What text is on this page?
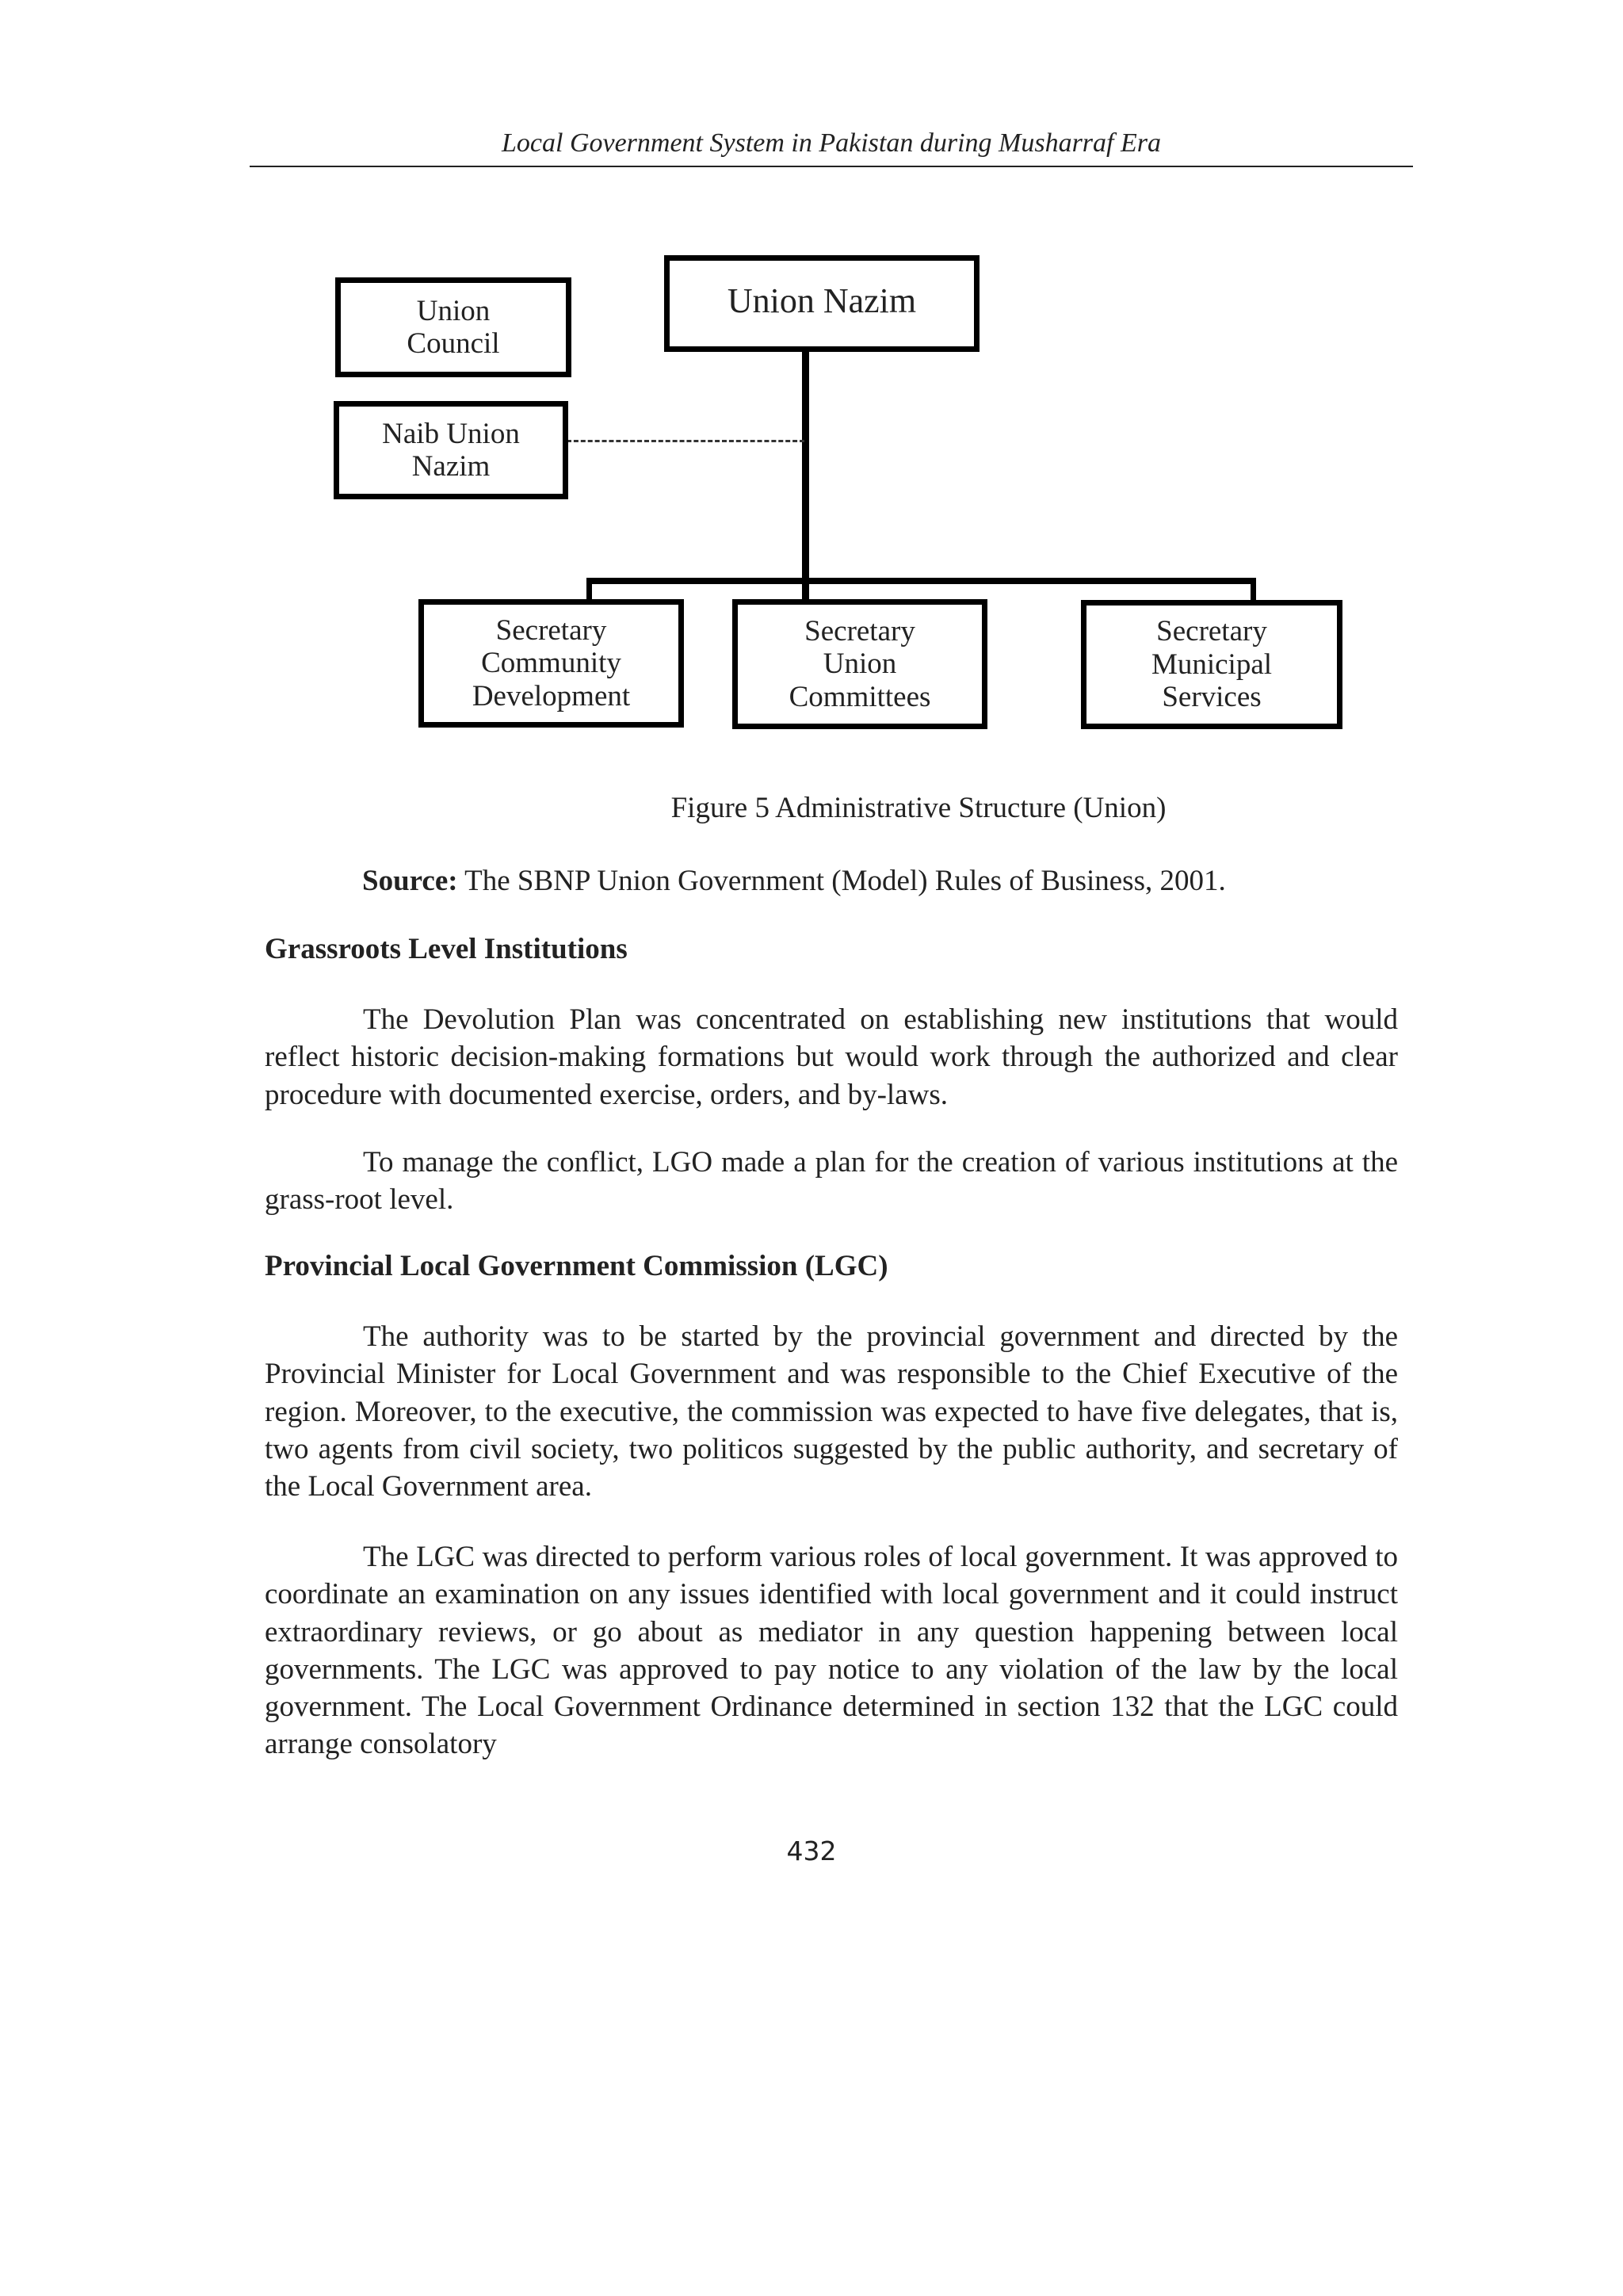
Local Government System in Pakistan during Musharraf Era
Union Nazim
Union
Council
Naib Union
Nazim
Secretary
Community
Development
Secretary
Union
Committees
Secretary
Municipal
Services
Figure 5 Administrative Structure (Union)
Source: The SBNP Union Government (Model) Rules of Business, 2001.
Grassroots Level Institutions

The Devolution Plan was concentrated on establishing new institutions that would reflect historic decision-making formations but would work through the authorized and clear procedure with documented exercise, orders, and by-laws.

To manage the conflict, LGO made a plan for the creation of various institutions at the grass-root level.

Provincial Local Government Commission (LGC)

The authority was to be started by the provincial government and directed by the Provincial Minister for Local Government and was responsible to the Chief Executive of the region. Moreover, to the executive, the commission was expected to have five delegates, that is, two agents from civil society, two politicos suggested by the public authority, and secretary of the Local Government area.

The LGC was directed to perform various roles of local government. It was approved to coordinate an examination on any issues identified with local government and it could instruct extraordinary reviews, or go about as mediator in any question happening between local governments. The LGC was approved to pay notice to any violation of the law by the local government. The Local Government Ordinance determined in section 132 that the LGC could arrange consolatory

432
